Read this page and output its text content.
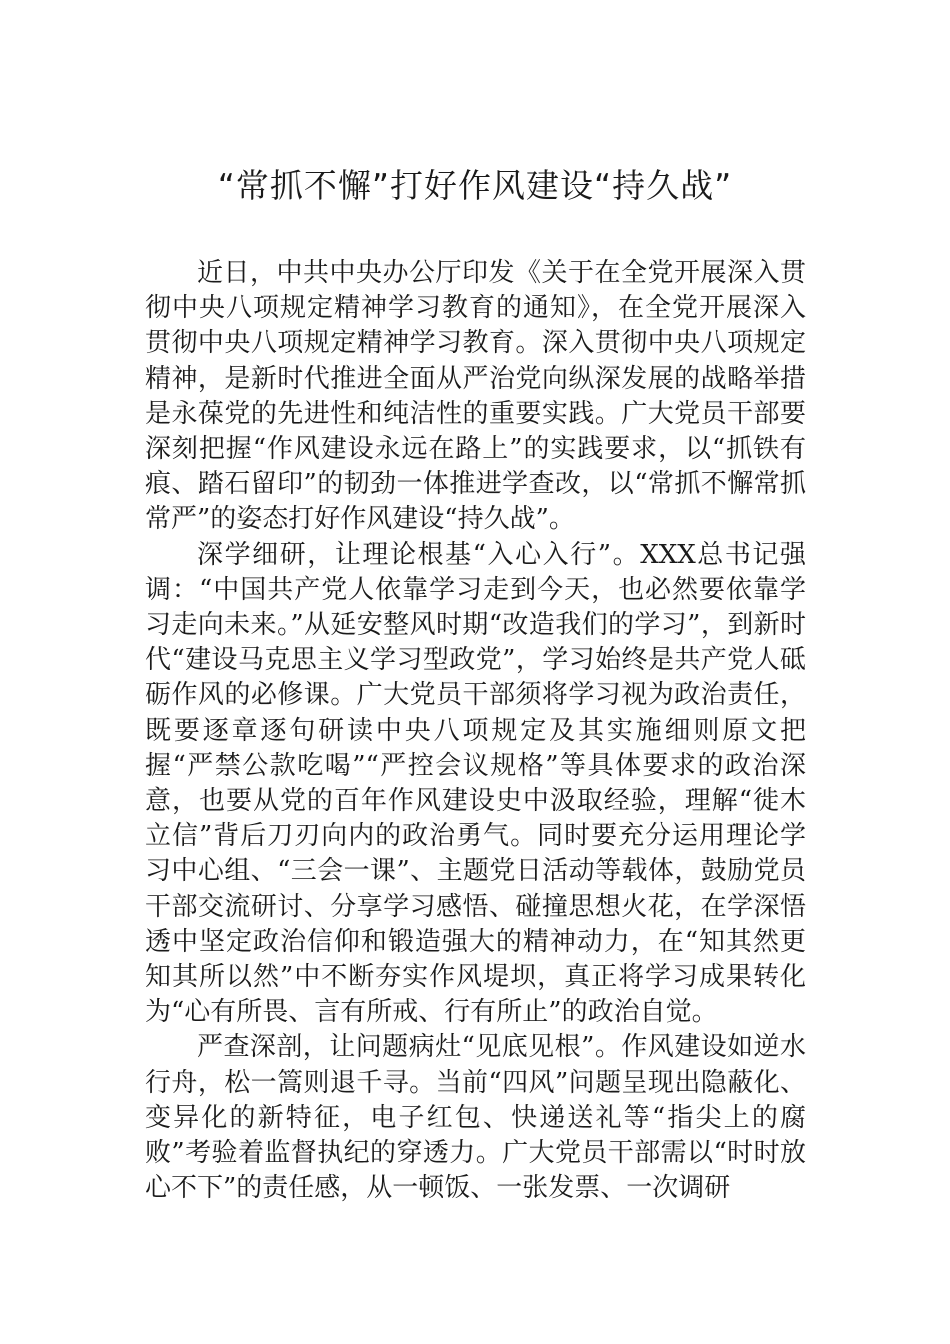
“常抓不懈”打好作风建设“持久战”

近日，中共中央办公厅印发《关于在全党开展深入贯彻中央八项规定精神学习教育的通知》，在全党开展深入贯彻中央八项规定精神学习教育。深入贯彻中央八项规定精神，是新时代推进全面从严治党向纵深发展的战略举措是永葆党的先进性和纯洁性的重要实践。广大党员干部要深刻把握“作风建设永远在路上”的实践要求，以“抓铁有痕、踏石留印”的韧劲一体推进学查改，以“常抓不懈常抓常严”的姿态打好作风建设“持久战”。

深学细研，让理论根基“入心入行”。XXX总书记强调：“中国共产党人依靠学习走到今天，也必然要依靠学习走向未来。”从延安整风时期“改造我们的学习”，到新时代“建设马克思主义学习型政党”，学习始终是共产党人砥砺作风的必修课。广大党员干部须将学习视为政治责任，既要逐章逐句研读中央八项规定及其实施细则原文把握“严禁公款吃喝”“严控会议规格”等具体要求的政治深意，也要从党的百年作风建设史中汲取经验，理解“徙木立信”背后刀刃向内的政治勇气。同时要充分运用理论学习中心组、“三会一课”、主题党日活动等载体，鼓励党员干部交流研讨、分享学习感悟、碰撞思想火花，在学深悟透中坚定政治信仰和锻造强大的精神动力，在“知其然更知其所以然”中不断夯实作风堤坝，真正将学习成果转化为“心有所畏、言有所戒、行有所止”的政治自觉。

严查深剖，让问题病灶“见底见根”。作风建设如逆水行舟，松一篙则退千寻。当前“四风”问题呈现出隐蔽化、变异化的新特征，电子红包、快递送礼等“指尖上的腐败”考验着监督执纪的穿透力。广大党员干部需以“时时放心不下”的责任感，从一顿饭、一张发票、一次调研
